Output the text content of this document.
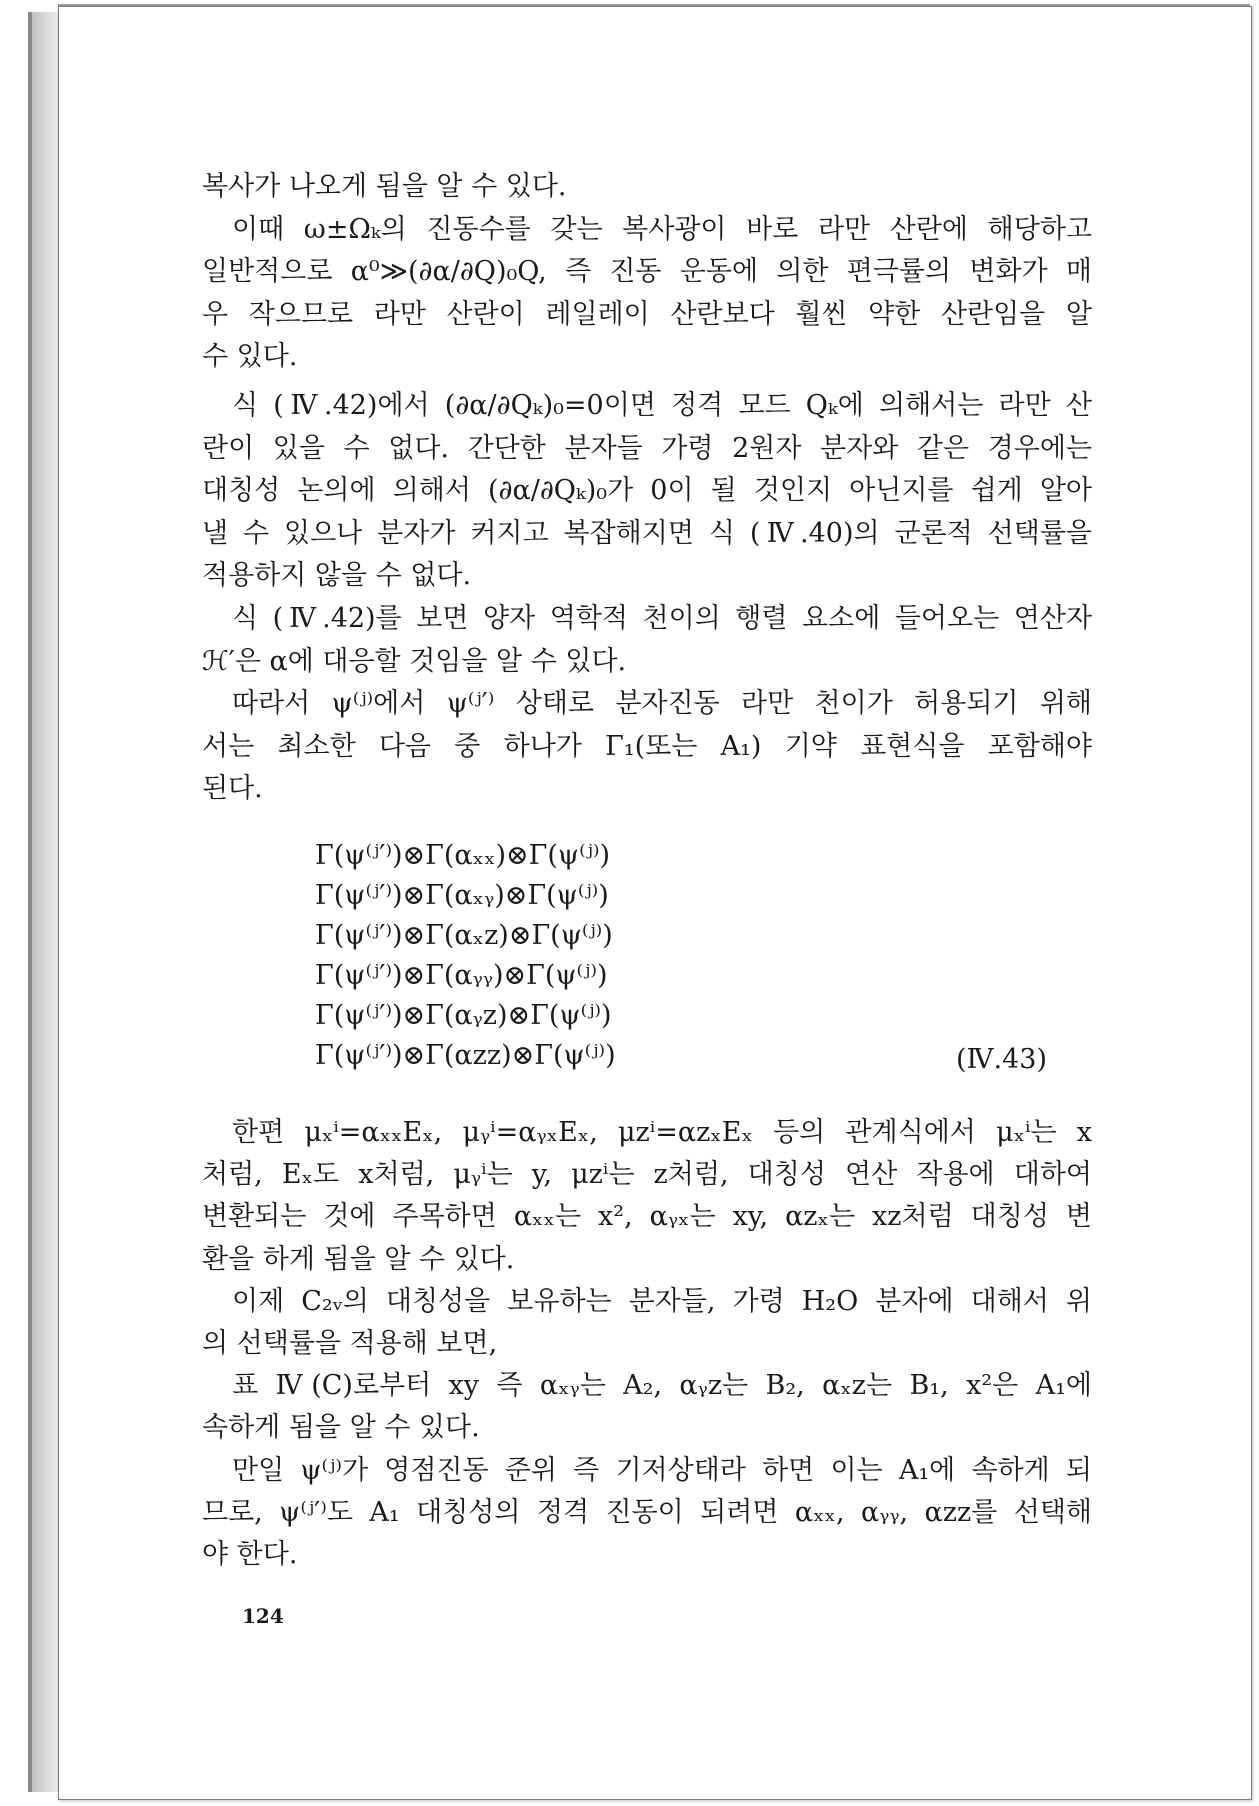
복사가 나오게 됨을 알 수 있다.

이때 ω±Ωₖ의 진동수를 갖는 복사광이 바로 라만 산란에 해당하고

일반적으로 α⁰≫(∂α/∂Q)₀Q, 즉 진동 운동에 의한 편극률의 변화가 매

우 작으므로 라만 산란이 레일레이 산란보다 훨씬 약한 산란임을 알

수 있다.

식 (Ⅳ.42)에서 (∂α/∂Qₖ)₀=0이면 정격 모드 Qₖ에 의해서는 라만 산

란이 있을 수 없다. 간단한 분자들 가령 2원자 분자와 같은 경우에는

대칭성 논의에 의해서 (∂α/∂Qₖ)₀가 0이 될 것인지 아닌지를 쉽게 알아

낼 수 있으나 분자가 커지고 복잡해지면 식 (Ⅳ.40)의 군론적 선택률을

적용하지 않을 수 없다.

식 (Ⅳ.42)를 보면 양자 역학적 천이의 행렬 요소에 들어오는 연산자

ℋ′은 α에 대응할 것임을 알 수 있다.

따라서 ψ⁽ʲ⁾에서 ψ⁽ʲ′⁾ 상태로 분자진동 라만 천이가 허용되기 위해

서는 최소한 다음 중 하나가 Γ₁(또는 A₁) 기약 표현식을 포함해야

된다.

Γ(ψ⁽ʲ′⁾)⊗Γ(αₓₓ)⊗Γ(ψ⁽ʲ⁾)
Γ(ψ⁽ʲ′⁾)⊗Γ(αₓᵧ)⊗Γ(ψ⁽ʲ⁾)
Γ(ψ⁽ʲ′⁾)⊗Γ(αₓz)⊗Γ(ψ⁽ʲ⁾)
Γ(ψ⁽ʲ′⁾)⊗Γ(αᵧᵧ)⊗Γ(ψ⁽ʲ⁾)
Γ(ψ⁽ʲ′⁾)⊗Γ(αᵧz)⊗Γ(ψ⁽ʲ⁾)
Γ(ψ⁽ʲ′⁾)⊗Γ(αzz)⊗Γ(ψ⁽ʲ⁾)	(Ⅳ.43)

한편 μₓⁱ=αₓₓEₓ, μᵧⁱ=αᵧₓEₓ, μzⁱ=αzₓEₓ 등의 관계식에서 μₓⁱ는 x

처럼, Eₓ도 x처럼, μᵧⁱ는 y, μzⁱ는 z처럼, 대칭성 연산 작용에 대하여

변환되는 것에 주목하면 αₓₓ는 x², αᵧₓ는 xy, αzₓ는 xz처럼 대칭성 변

환을 하게 됨을 알 수 있다.

이제 C₂ᵥ의 대칭성을 보유하는 분자들, 가령 H₂O 분자에 대해서 위

의 선택률을 적용해 보면,

표 Ⅳ(C)로부터 xy 즉 αₓᵧ는 A₂, αᵧz는 B₂, αₓz는 B₁, x²은 A₁에

속하게 됨을 알 수 있다.

만일 ψ⁽ʲ⁾가 영점진동 준위 즉 기저상태라 하면 이는 A₁에 속하게 되

므로, ψ⁽ʲ′⁾도 A₁ 대칭성의 정격 진동이 되려면 αₓₓ, αᵧᵧ, αzz를 선택해

야 한다.

124
